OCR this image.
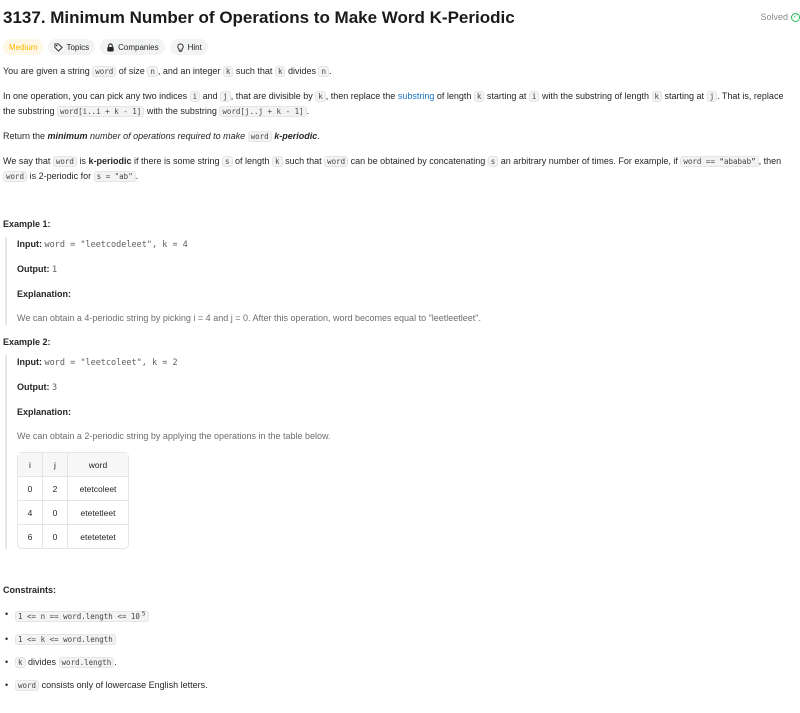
3137. Minimum Number of Operations to Make Word K-Periodic	Solved ✓
Medium	Topics	Companies	Hint

You are given a string word of size n , and an integer k such that k divides n .

In one operation, you can pick any two indices i and j , that are divisible by k , then replace the substring of length k starting at i with the substring of length k starting at j . That is, replace
the substring word[i..i + k - 1] with the substring word[j..j + k - 1] .

Return the minimum number of operations required to make word k-periodic.

We say that word is k-periodic if there is some string s of length k such that word can be obtained by concatenating s an arbitrary number of times. For example, if word == “ababab” , then
word is 2-periodic for s = "ab" .

Example 1:

Input: word = "leetcodeleet", k = 4

Output: 1

Explanation:

We can obtain a 4-periodic string by picking i = 4 and j = 0. After this operation, word becomes equal to "leetleetleet".

Example 2:

Input: word = "leetcoleet", k = 2

Output: 3

Explanation:

We can obtain a 2-periodic string by applying the operations in the table below.

i	j	word
0	2	etetcoleet
4	0	etetetleet
6	0	etetetetet

Constraints:

• 1 <= n == word.length <= 10 $^5$
• 1 <= k <= word.length
• k divides word.length .
• word consists only of lowercase English letters.
